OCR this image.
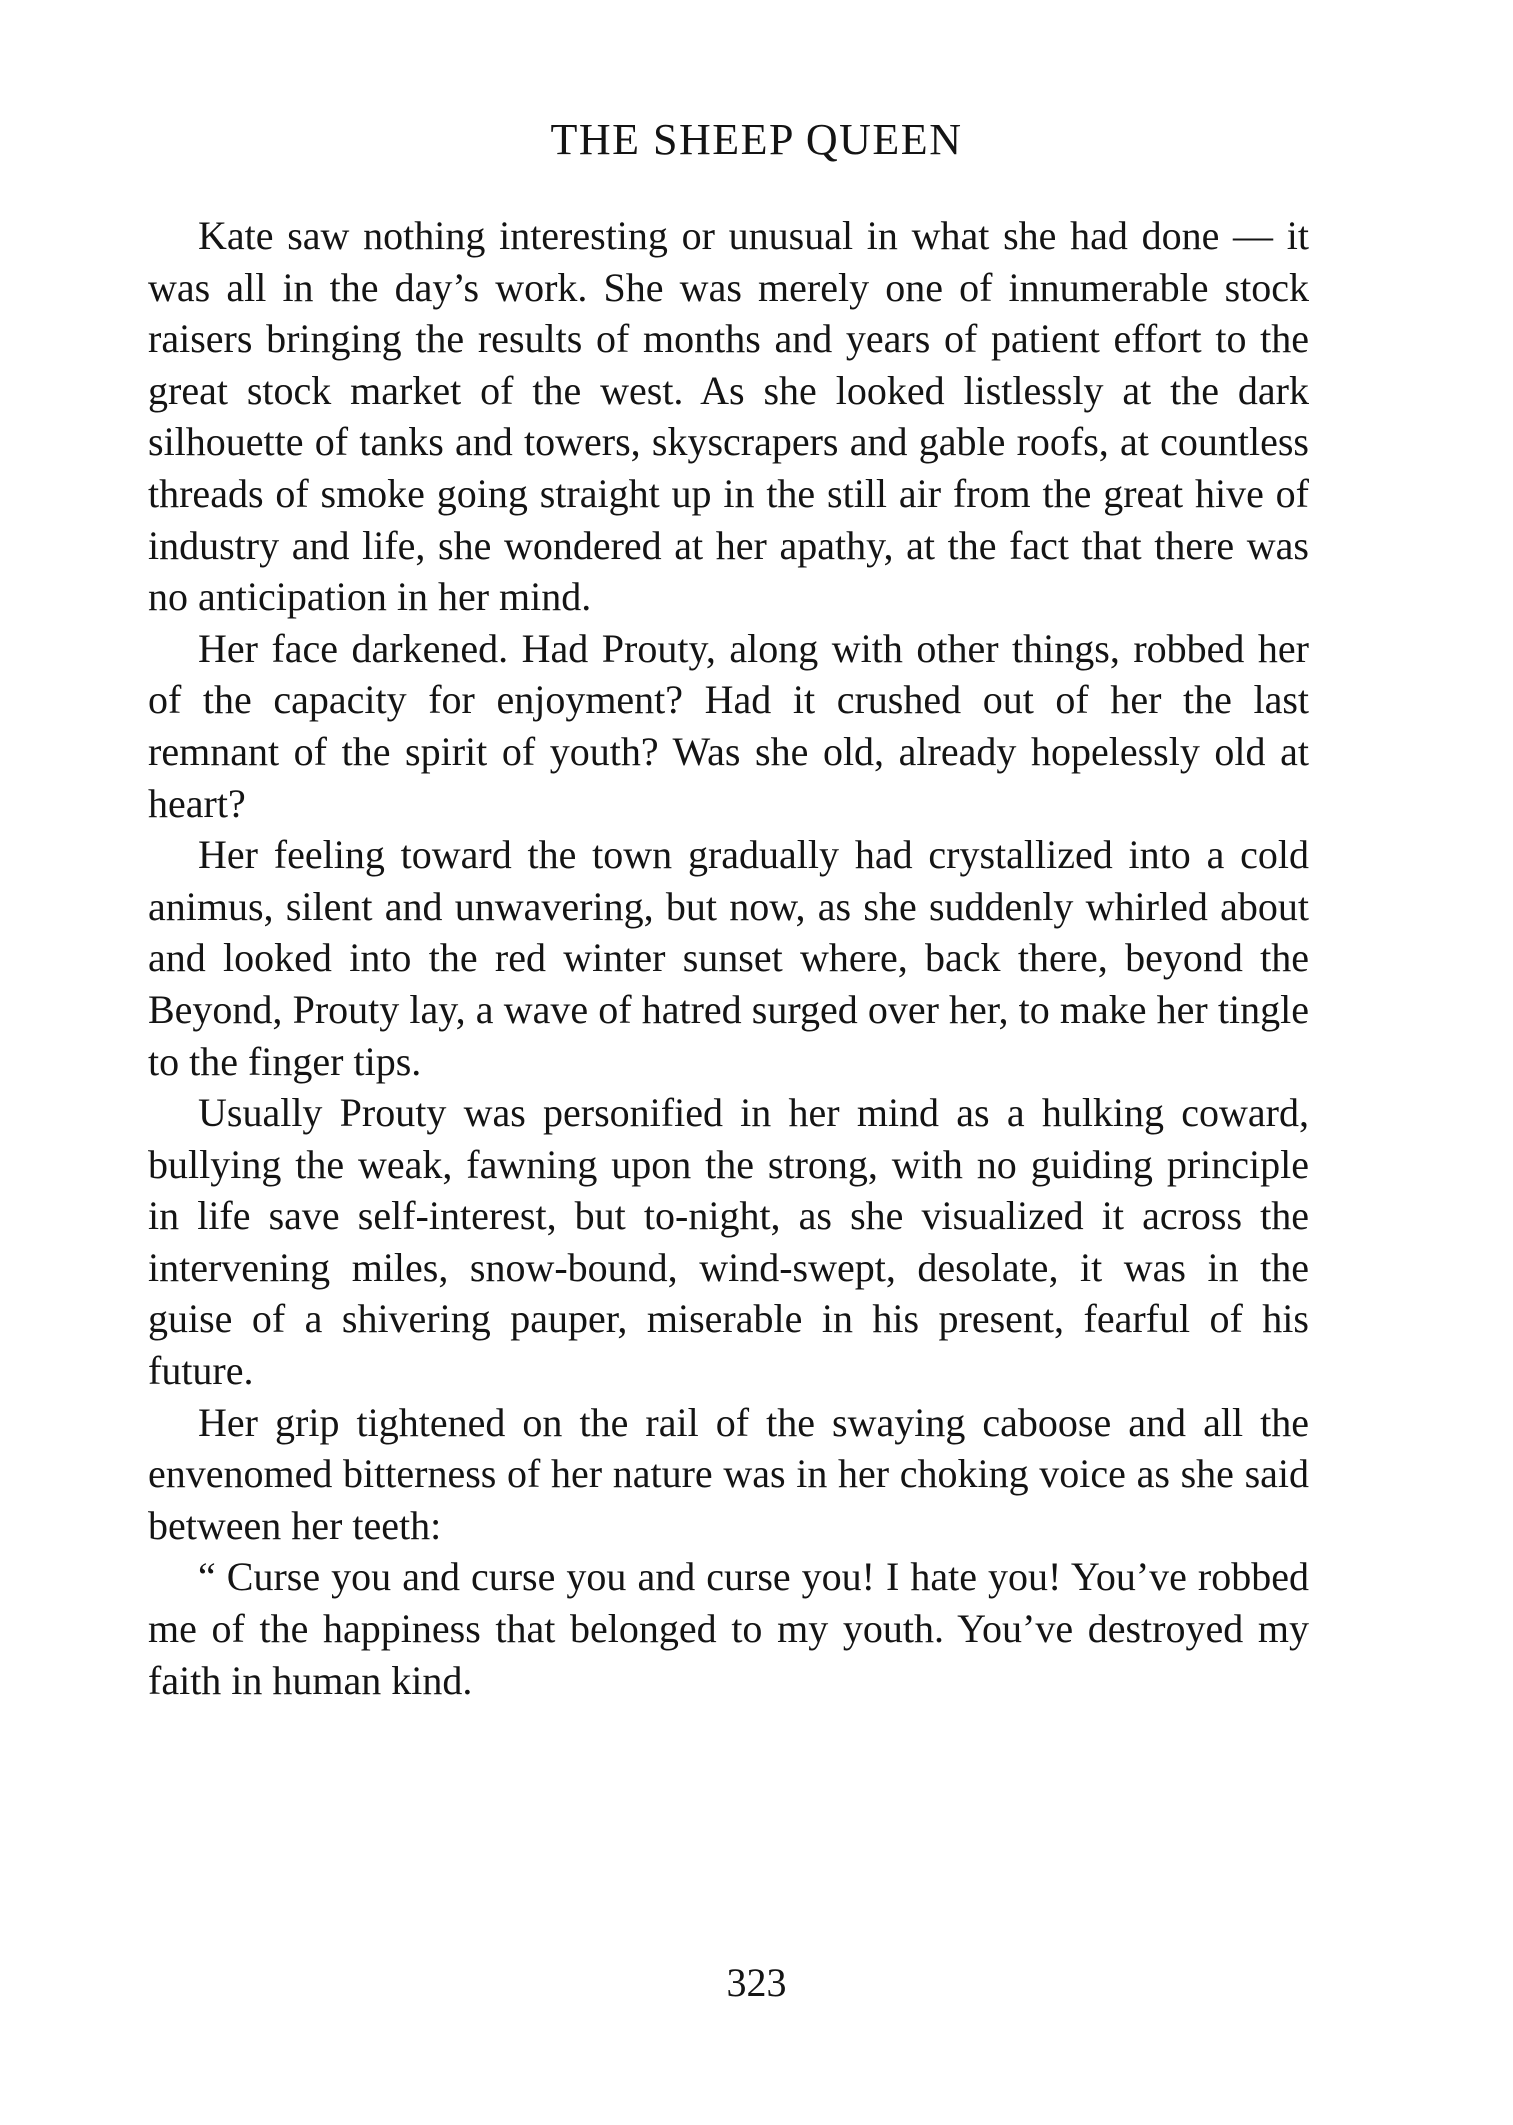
THE SHEEP QUEEN

Kate saw nothing interesting or unusual in what she had done — it was all in the day’s work. She was merely one of innumerable stock raisers bringing the results of months and years of patient effort to the great stock market of the west. As she looked listlessly at the dark silhouette of tanks and towers, skyscrapers and gable roofs, at countless threads of smoke going straight up in the still air from the great hive of industry and life, she wondered at her apathy, at the fact that there was no anticipation in her mind.

Her face darkened. Had Prouty, along with other things, robbed her of the capacity for enjoyment? Had it crushed out of her the last remnant of the spirit of youth? Was she old, already hopelessly old at heart?

Her feeling toward the town gradually had crystallized into a cold animus, silent and unwavering, but now, as she suddenly whirled about and looked into the red winter sunset where, back there, beyond the Beyond, Prouty lay, a wave of hatred surged over her, to make her tingle to the finger tips.

Usually Prouty was personified in her mind as a hulking coward, bullying the weak, fawning upon the strong, with no guiding principle in life save self-interest, but to-night, as she visualized it across the intervening miles, snow-bound, wind-swept, desolate, it was in the guise of a shivering pauper, miserable in his present, fearful of his future.

Her grip tightened on the rail of the swaying caboose and all the envenomed bitterness of her nature was in her choking voice as she said between her teeth:

“ Curse you and curse you and curse you! I hate you! You’ve robbed me of the happiness that belonged to my youth. You’ve destroyed my faith in human kind.

323
